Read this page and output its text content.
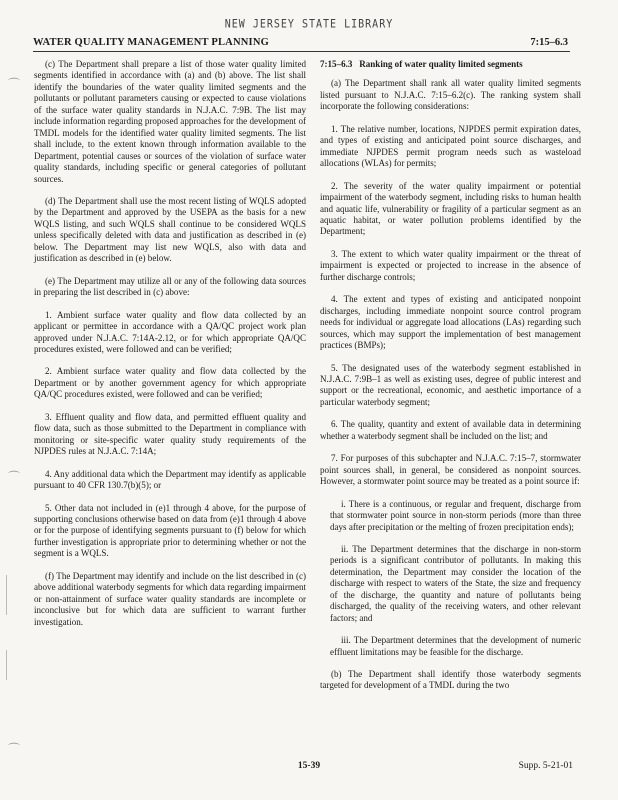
NEW JERSEY STATE LIBRARY
WATER QUALITY MANAGEMENT PLANNING	7:15–6.3
⌒
⌒
⌒

(c) The Department shall prepare a list of those water quality limited segments identified in accordance with (a) and (b) above. The list shall identify the boundaries of the water quality limited segments and the pollutants or pollutant parameters causing or expected to cause violations of the surface water quality standards in N.J.A.C. 7:9B. The list may include information regarding proposed approaches for the development of TMDL models for the identified water quality limited segments. The list shall include, to the extent known through information available to the Department, potential causes or sources of the violation of surface water quality standards, including specific or general categories of pollutant sources.

(d) The Department shall use the most recent listing of WQLS adopted by the Department and approved by the USEPA as the basis for a new WQLS listing, and such WQLS shall continue to be considered WQLS unless specifically deleted with data and justification as described in (e) below. The Department may list new WQLS, also with data and justification as described in (e) below.

(e) The Department may utilize all or any of the following data sources in preparing the list described in (c) above:

1. Ambient surface water quality and flow data collected by an applicant or permittee in accordance with a QA/QC project work plan approved under N.J.A.C. 7:14A-2.12, or for which appropriate QA/QC procedures existed, were followed and can be verified;

2. Ambient surface water quality and flow data collected by the Department or by another government agency for which appropriate QA/QC procedures existed, were followed and can be verified;

3. Effluent quality and flow data, and permitted effluent quality and flow data, such as those submitted to the Department in compliance with monitoring or site-specific water quality study requirements of the NJPDES rules at N.J.A.C. 7:14A;

4. Any additional data which the Department may identify as applicable pursuant to 40 CFR 130.7(b)(5); or

5. Other data not included in (e)1 through 4 above, for the purpose of supporting conclusions otherwise based on data from (e)1 through 4 above or for the purpose of identifying segments pursuant to (f) below for which further investigation is appropriate prior to determining whether or not the segment is a WQLS.

(f) The Department may identify and include on the list described in (c) above additional waterbody segments for which data regarding impairment or non-attainment of surface water quality standards are incomplete or inconclusive but for which data are sufficient to warrant further investigation.

7:15–6.3 Ranking of water quality limited segments

(a) The Department shall rank all water quality limited segments listed pursuant to N.J.A.C. 7:15–6.2(c). The ranking system shall incorporate the following considerations:

1. The relative number, locations, NJPDES permit expiration dates, and types of existing and anticipated point source discharges, and immediate NJPDES permit program needs such as wasteload allocations (WLAs) for permits;

2. The severity of the water quality impairment or potential impairment of the waterbody segment, including risks to human health and aquatic life, vulnerability or fragility of a particular segment as an aquatic habitat, or water pollution problems identified by the Department;

3. The extent to which water quality impairment or the threat of impairment is expected or projected to increase in the absence of further discharge controls;

4. The extent and types of existing and anticipated nonpoint discharges, including immediate nonpoint source control program needs for individual or aggregate load allocations (LAs) regarding such sources, which may support the implementation of best management practices (BMPs);

5. The designated uses of the waterbody segment established in N.J.A.C. 7:9B–1 as well as existing uses, degree of public interest and support or the recreational, economic, and aesthetic importance of a particular waterbody segment;

6. The quality, quantity and extent of available data in determining whether a waterbody segment shall be included on the list; and

7. For purposes of this subchapter and N.J.A.C. 7:15–7, stormwater point sources shall, in general, be considered as nonpoint sources. However, a stormwater point source may be treated as a point source if:

i. There is a continuous, or regular and frequent, discharge from that stormwater point source in non-storm periods (more than three days after precipitation or the melting of frozen precipitation ends);

ii. The Department determines that the discharge in non-storm periods is a significant contributor of pollutants. In making this determination, the Department may consider the location of the discharge with respect to waters of the State, the size and frequency of the discharge, the quantity and nature of pollutants being discharged, the quality of the receiving waters, and other relevant factors; and

iii. The Department determines that the development of numeric effluent limitations may be feasible for the discharge.

(b) The Department shall identify those waterbody segments targeted for development of a TMDL during the two

15-39	Supp. 5-21-01
